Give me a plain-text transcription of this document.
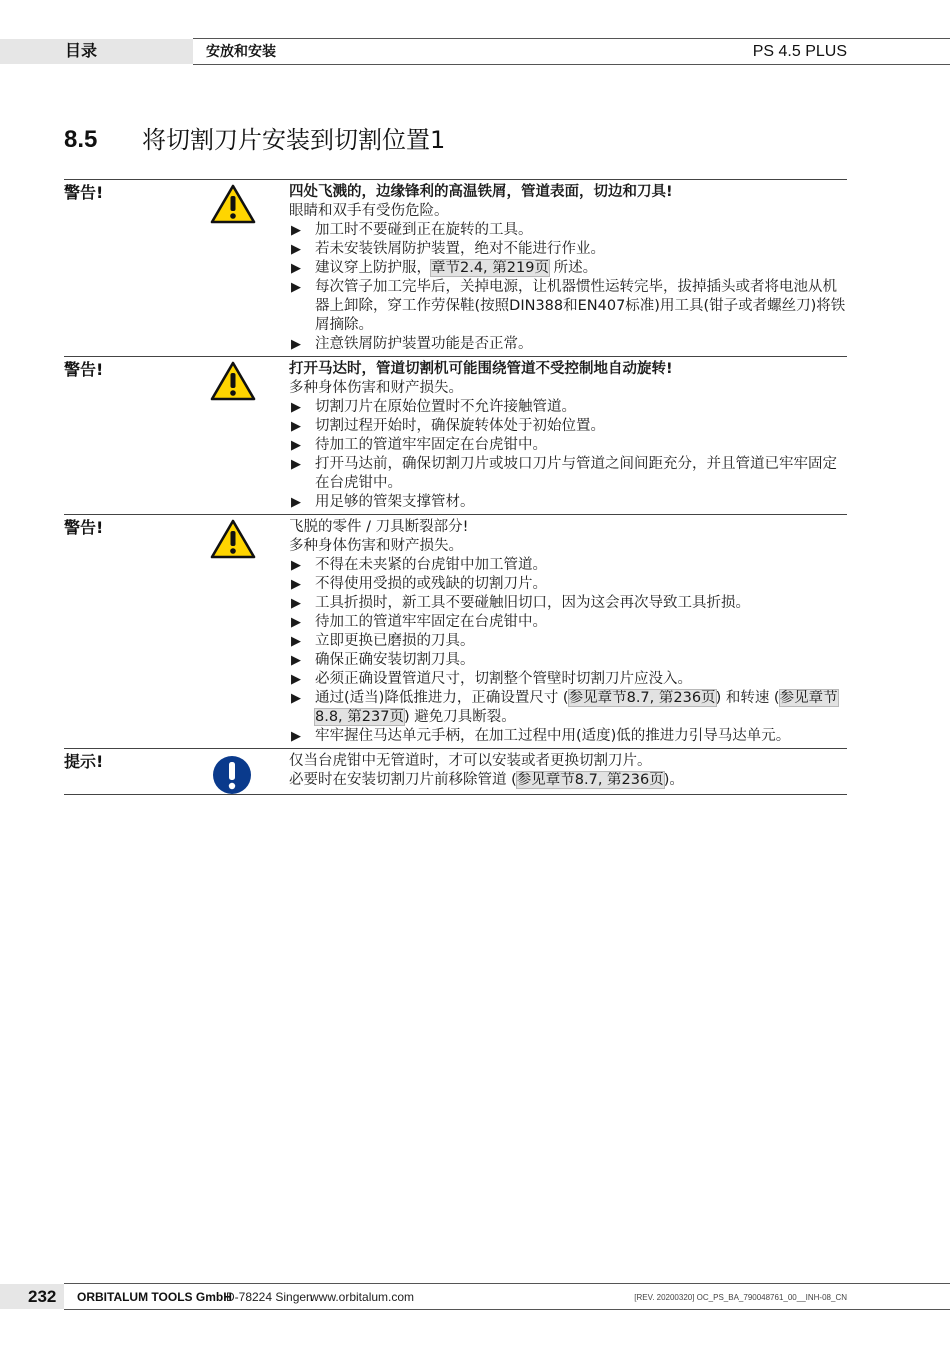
目录	安放和安装	PS 4.5 PLUS
8.5 将切割刀片安装到切割位置1
警告!	四处飞溅的，边缘锋利的高温铁屑，管道表面，切边和刀具!
眼睛和双手有受伤危险。
▶ 加工时不要碰到正在旋转的工具。
▶ 若未安装铁屑防护装置，绝对不能进行作业。
▶ 建议穿上防护服，章节2.4, 第219页 所述。
▶ 每次管子加工完毕后，关掉电源，让机器惯性运转完毕，拔掉插头或者将电池从机器上卸除，穿工作劳保鞋(按照DIN388和EN407标准)用工具(钳子或者螺丝刀)将铁屑摘除。
▶ 注意铁屑防护装置功能是否正常。
警告!	打开马达时，管道切割机可能围绕管道不受控制地自动旋转!
多种身体伤害和财产损失。
▶ 切割刀片在原始位置时不允许接触管道。
▶ 切割过程开始时，确保旋转体处于初始位置。
▶ 待加工的管道牢牢固定在台虎钳中。
▶ 打开马达前，确保切割刀片或坡口刀片与管道之间间距充分，并且管道已牢牢固定在台虎钳中。
▶ 用足够的管架支撑管材。
警告!	飞脱的零件 / 刀具断裂部分!
多种身体伤害和财产损失。
▶ 不得在未夹紧的台虎钳中加工管道。
▶ 不得使用受损的或残缺的切割刀片。
▶ 工具折损时，新工具不要碰触旧切口，因为这会再次导致工具折损。
▶ 待加工的管道牢牢固定在台虎钳中。
▶ 立即更换已磨损的刀具。
▶ 确保正确安装切割刀具。
▶ 必须正确设置管道尺寸，切割整个管壁时切割刀片应没入。
▶ 通过(适当)降低推进力，正确设置尺寸 (参见章节8.7, 第236页) 和转速 (参见章节8.8, 第237页) 避免刀具断裂。
▶ 牢牢握住马达单元手柄，在加工过程中用(适度)低的推进力引导马达单元。
提示!	仅当台虎钳中无管道时，才可以安装或者更换切割刀片。
必要时在安装切割刀片前移除管道 (参见章节8.7, 第236页)。
232 ORBITALUM TOOLS GmbH
D-78224 Singen
www.orbitalum.com	[REV. 20200320] OC_PS_BA_790048761_00__INH-08_CN
